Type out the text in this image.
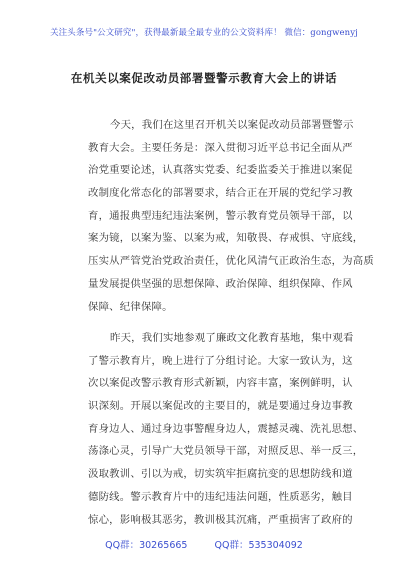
关注头条号"公文研究"，获得最新最全最专业的公文资料库！ 微信：gongwenyj
在机关以案促改动员部署暨警示教育大会上的讲话
今天，我们在这里召开机关以案促改动员部署暨警示
教育大会。主要任务是：深入贯彻习近平总书记全面从严
治党重要论述，认真落实党委、纪委监委关于推进以案促
改制度化常态化的部署要求，结合正在开展的党纪学习教
育，通报典型违纪违法案例，警示教育党员领导干部，以
案为镜，以案为鉴、以案为戒，知敬畏、存戒惧、守底线，
压实从严管党治党政治责任，优化风清气正政治生态，为高质
量发展提供坚强的思想保障、政治保障、组织保障、作风
保障、纪律保障。
昨天，我们实地参观了廉政文化教育基地，集中观看
了警示教育片，晚上进行了分组讨论。大家一致认为，这
次以案促改警示教育形式新颖，内容丰富，案例鲜明，认
识深刻。开展以案促改的主要目的，就是要通过身边事教
育身边人、通过身边事警醒身边人，震撼灵魂、洗礼思想、
荡涤心灵，引导广大党员领导干部，对照反思、举一反三，
汲取教训、引以为戒，切实筑牢拒腐抗变的思想防线和道
德防线。警示教育片中的违纪违法问题，性质恶劣，触目
惊心，影响极其恶劣，教训极其沉痛，严重损害了政府的
QQ群：30265665	QQ群：535304092
